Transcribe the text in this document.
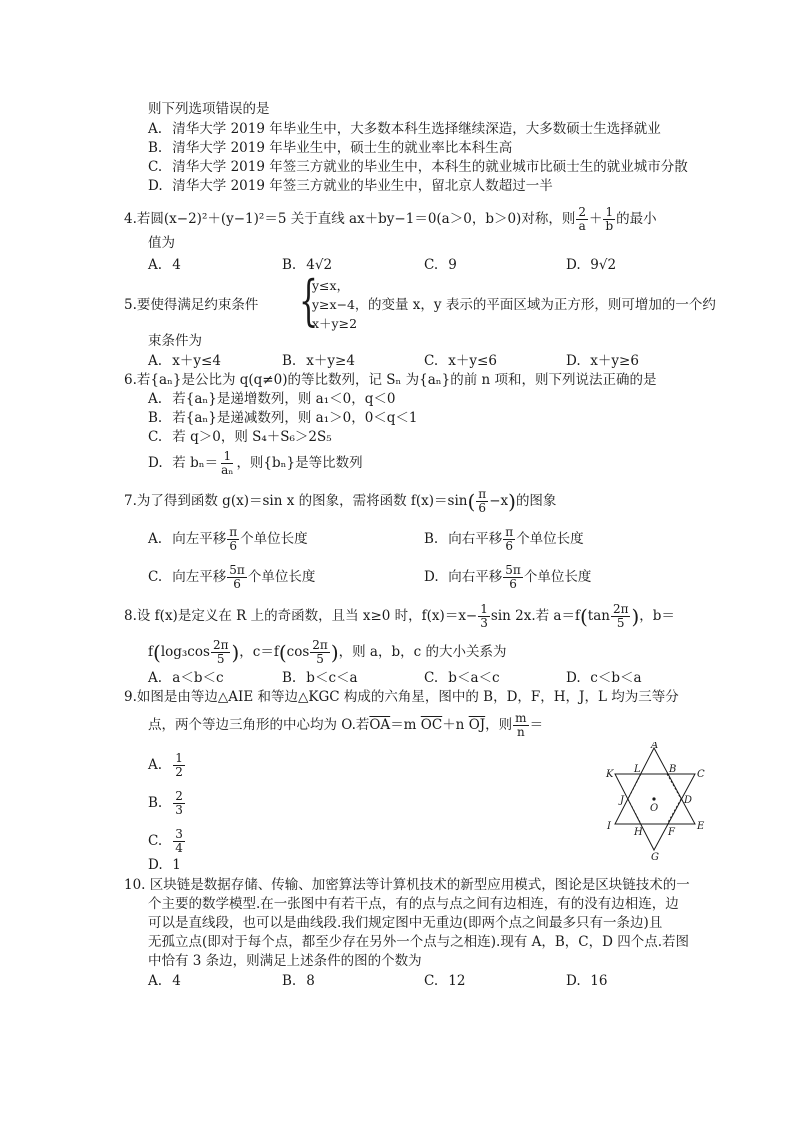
则下列选项错误的是
A. 清华大学 2019 年毕业生中，大多数本科生选择继续深造，大多数硕士生选择就业
B. 清华大学 2019 年毕业生中，硕士生的就业率比本科生高
C. 清华大学 2019 年签三方就业的毕业生中，本科生的就业城市比硕士生的就业城市分散
D. 清华大学 2019 年签三方就业的毕业生中，留北京人数超过一半
4.若圆(x−2)²＋(y−1)²＝5 关于直线 ax＋by−1＝0(a＞0，b＞0)对称，则 $\frac{2}{a} + \frac{1}{b}$ 的最小
值为
A. 4	B. 4√2	C. 9	D. 9√2
5.要使得满足约束条件 {
y≤x，
y≥x−4，
x＋y≥2
的变量 x，y 表示的平面区域为正方形，则可增加的一个约
束条件为
A. x＋y≤4	B. x＋y≥4	C. x＋y≤6	D. x＋y≥6
6.若{aₙ}是公比为 q(q≠0)的等比数列，记 Sₙ 为{aₙ}的前 n 项和，则下列说法正确的是
A. 若{aₙ}是递增数列，则 a₁＜0，q＜0
B. 若{aₙ}是递减数列，则 a₁＞0，0＜q＜1
C. 若 q＞0，则 S₄＋S₆＞2S₅
D. 若 $b_n= \frac{1}{\text{aₙ}}$ ，则{bₙ}是等比数列
7.为了得到函数 g(x)＝sin x 的图象，需将函数 $f(x)=\sin( \frac{\pi}{6} -x)$的图象
A. 向左平移 $\frac{\pi}{6}$ 个单位长度	B. 向右平移 $\frac{\pi}{6}$ 个单位长度
C. 向左平移 $\frac{5\pi}{6}$ 个单位长度	D. 向右平移 $\frac{5\pi}{6}$ 个单位长度
8.设 f(x)是定义在 R 上的奇函数，且当 x≥0 时，$f(x)=x- \frac{1}{3}$ sin 2x.若 $a=f(\tan \frac{2\pi}{5}$ )，b＝
$f(\log_3\cos \frac{2\pi}{5}$ )，$c=f(\cos \frac{2\pi}{5}$ )，则 a，b，c 的大小关系为
A. a＜b＜c	B. b＜c＜a	C. b＜a＜c	D. c＜b＜a
9.如图是由等边△AIE 和等边△KGC 构成的六角星，图中的 B，D，F，H，J，L 均为三等分
点，两个等边三角形的中心均为 O.若$\overline{OA}=m$ $\overline{OC}+n$ $\overline{OJ}$，则 $\frac{m}{n}$ ＝
A. $\frac{1}{2}$
B. $\frac{2}{3}$
C. $\frac{3}{4}$
D. 1
A
K L	B C
J	D
O
I
H	F
E
G
10. 区块链是数据存储、传输、加密算法等计算机技术的新型应用模式，图论是区块链技术的一
个主要的数学模型.在一张图中有若干点，有的点与点之间有边相连，有的没有边相连，边
可以是直线段，也可以是曲线段.我们规定图中无重边(即两个点之间最多只有一条边)且
无孤立点(即对于每个点，都至少存在另外一个点与之相连).现有 A，B，C，D 四个点.若图
中恰有 3 条边，则满足上述条件的图的个数为
A. 4	B. 8	C. 12	D. 16
